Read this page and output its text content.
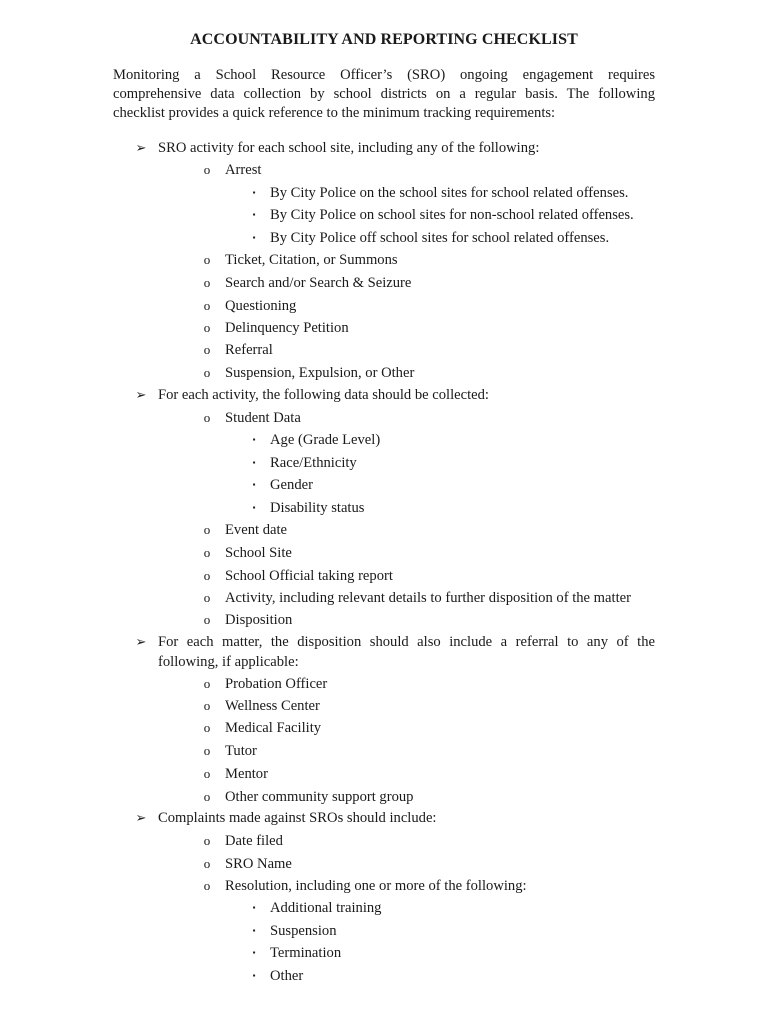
ACCOUNTABILITY AND REPORTING CHECKLIST
Monitoring a School Resource Officer’s (SRO) ongoing engagement requires
comprehensive data collection by school districts on a regular basis. The following
checklist provides a quick reference to the minimum tracking requirements:
➢ SRO activity for each school site, including any of the following:
o Arrest
▪ By City Police on the school sites for school related offenses.
▪ By City Police on school sites for non-school related offenses.
▪ By City Police off school sites for school related offenses.
o Ticket, Citation, or Summons
o Search and/or Search & Seizure
o Questioning
o Delinquency Petition
o Referral
o Suspension, Expulsion, or Other
➢ For each activity, the following data should be collected:
o Student Data
▪ Age (Grade Level)
▪ Race/Ethnicity
▪ Gender
▪ Disability status
o Event date
o School Site
o School Official taking report
o Activity, including relevant details to further disposition of the matter
o Disposition
➢ For each matter, the disposition should also include a referral to any of the
following, if applicable:
o Probation Officer
o Wellness Center
o Medical Facility
o Tutor
o Mentor
o Other community support group
➢ Complaints made against SROs should include:
o Date filed
o SRO Name
o Resolution, including one or more of the following:
▪ Additional training
▪ Suspension
▪ Termination
▪ Other
